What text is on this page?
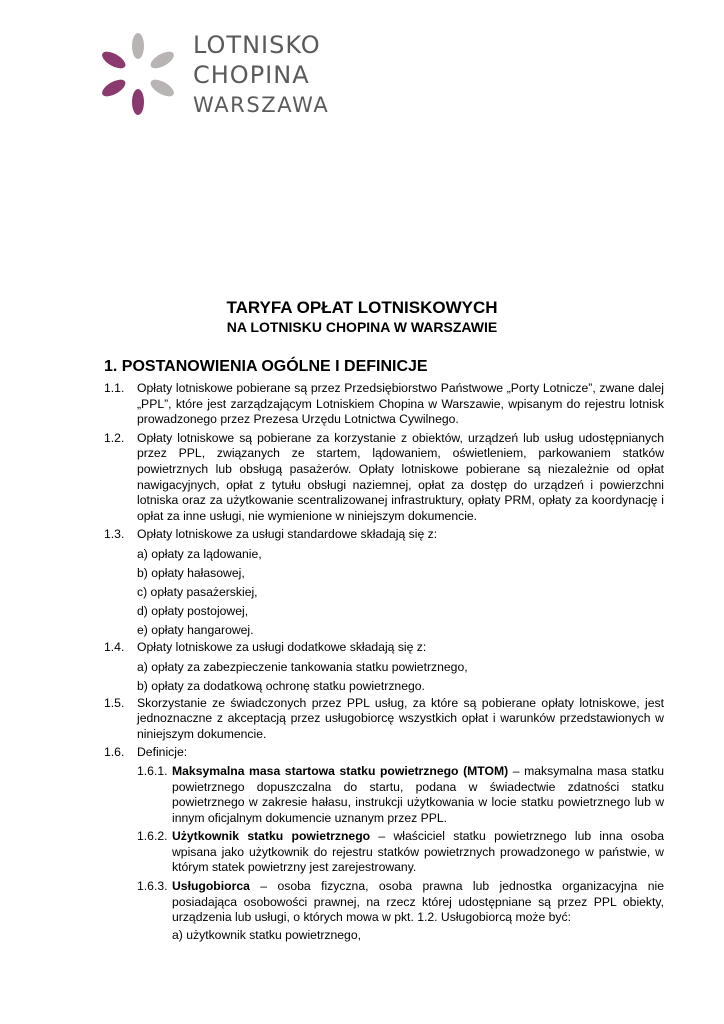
LOTNISKO
CHOPINA
WARSZAWA
TARYFA OPŁAT LOTNISKOWYCH
NA LOTNISKU CHOPINA W WARSZAWIE
1. POSTANOWIENIA OGÓLNE I DEFINICJE
1.1. Opłaty lotniskowe pobierane są przez Przedsiębiorstwo Państwowe „Porty Lotnicze”, zwane dalej „PPL”, które jest zarządzającym Lotniskiem Chopina w Warszawie, wpisanym do rejestru lotnisk prowadzonego przez Prezesa Urzędu Lotnictwa Cywilnego.
1.2. Opłaty lotniskowe są pobierane za korzystanie z obiektów, urządzeń lub usług udostępnianych przez PPL, związanych ze startem, lądowaniem, oświetleniem, parkowaniem statków powietrznych lub obsługą pasażerów. Opłaty lotniskowe pobierane są niezależnie od opłat nawigacyjnych, opłat z tytułu obsługi naziemnej, opłat za dostęp do urządzeń i powierzchni lotniska oraz za użytkowanie scentralizowanej infrastruktury, opłaty PRM, opłaty za koordynację i opłat za inne usługi, nie wymienione w niniejszym dokumencie.
1.3. Opłaty lotniskowe za usługi standardowe składają się z:
a) opłaty za lądowanie,
b) opłaty hałasowej,
c) opłaty pasażerskiej,
d) opłaty postojowej,
e) opłaty hangarowej.
1.4. Opłaty lotniskowe za usługi dodatkowe składają się z:
a) opłaty za zabezpieczenie tankowania statku powietrznego,
b) opłaty za dodatkową ochronę statku powietrznego.
1.5. Skorzystanie ze świadczonych przez PPL usług, za które są pobierane opłaty lotniskowe, jest jednoznaczne z akceptacją przez usługobiorcę wszystkich opłat i warunków przedstawionych w niniejszym dokumencie.
1.6. Definicje:
1.6.1. Maksymalna masa startowa statku powietrznego (MTOM) – maksymalna masa statku powietrznego dopuszczalna do startu, podana w świadectwie zdatności statku powietrznego w zakresie hałasu, instrukcji użytkowania w locie statku powietrznego lub w innym oficjalnym dokumencie uznanym przez PPL.
1.6.2. Użytkownik statku powietrznego – właściciel statku powietrznego lub inna osoba wpisana jako użytkownik do rejestru statków powietrznych prowadzonego w państwie, w którym statek powietrzny jest zarejestrowany.
1.6.3. Usługobiorca – osoba fizyczna, osoba prawna lub jednostka organizacyjna nie posiadająca osobowości prawnej, na rzecz której udostępniane są przez PPL obiekty, urządzenia lub usługi, o których mowa w pkt. 1.2. Usługobiorcą może być:
a) użytkownik statku powietrznego,
